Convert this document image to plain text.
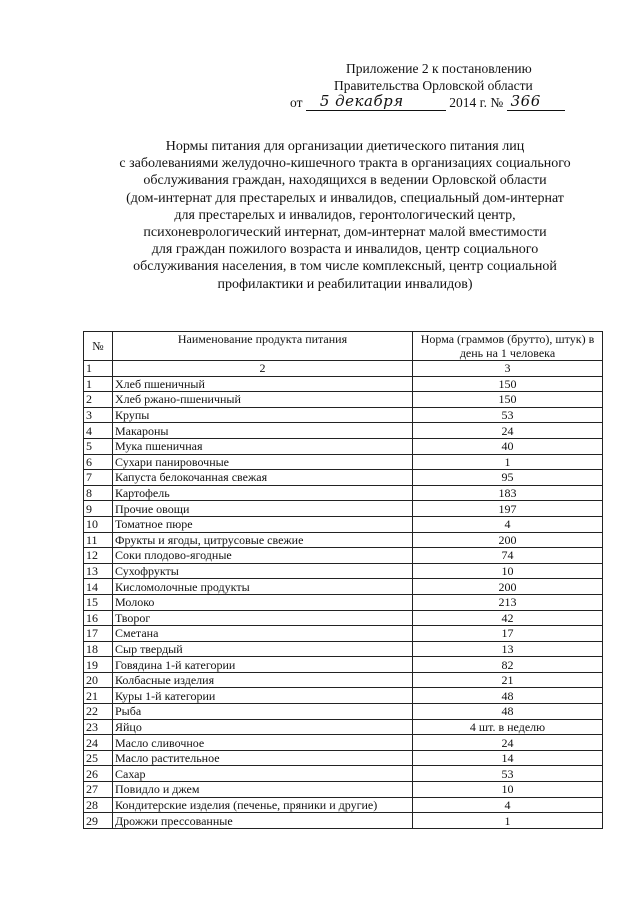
Приложение 2 к постановлению
Правительства Орловской области
от 5 декабря	2014 г. № 366

Нормы питания для организации диетического питания лиц

с заболеваниями желудочно-кишечного тракта в организациях социального

обслуживания граждан, находящихся в ведении Орловской области

(дом-интернат для престарелых и инвалидов, специальный дом-интернат

для престарелых и инвалидов, геронтологический центр,

психоневрологический интернат, дом-интернат малой вместимости

для граждан пожилого возраста и инвалидов, центр социального

обслуживания населения, в том числе комплексный, центр социальной

профилактики и реабилитации инвалидов)

№	Наименование продукта питания	Норма (граммов (брутто), штук) в день на 1 человека
1	2	3
1	Хлеб пшеничный	150
2	Хлеб ржано-пшеничный	150
3	Крупы	53
4	Макароны	24
5	Мука пшеничная	40
6	Сухари панировочные	1
7	Капуста белокочанная свежая	95
8	Картофель	183
9	Прочие овощи	197
10	Томатное пюре	4
11	Фрукты и ягоды, цитрусовые свежие	200
12	Соки плодово-ягодные	74
13	Сухофрукты	10
14	Кисломолочные продукты	200
15	Молоко	213
16	Творог	42
17	Сметана	17
18	Сыр твердый	13
19	Говядина 1-й категории	82
20	Колбасные изделия	21
21	Куры 1-й категории	48
22	Рыба	48
23	Яйцо	4 шт. в неделю
24	Масло сливочное	24
25	Масло растительное	14
26	Сахар	53
27	Повидло и джем	10
28	Кондитерские изделия (печенье, пряники и другие)	4
29	Дрожжи прессованные	1
